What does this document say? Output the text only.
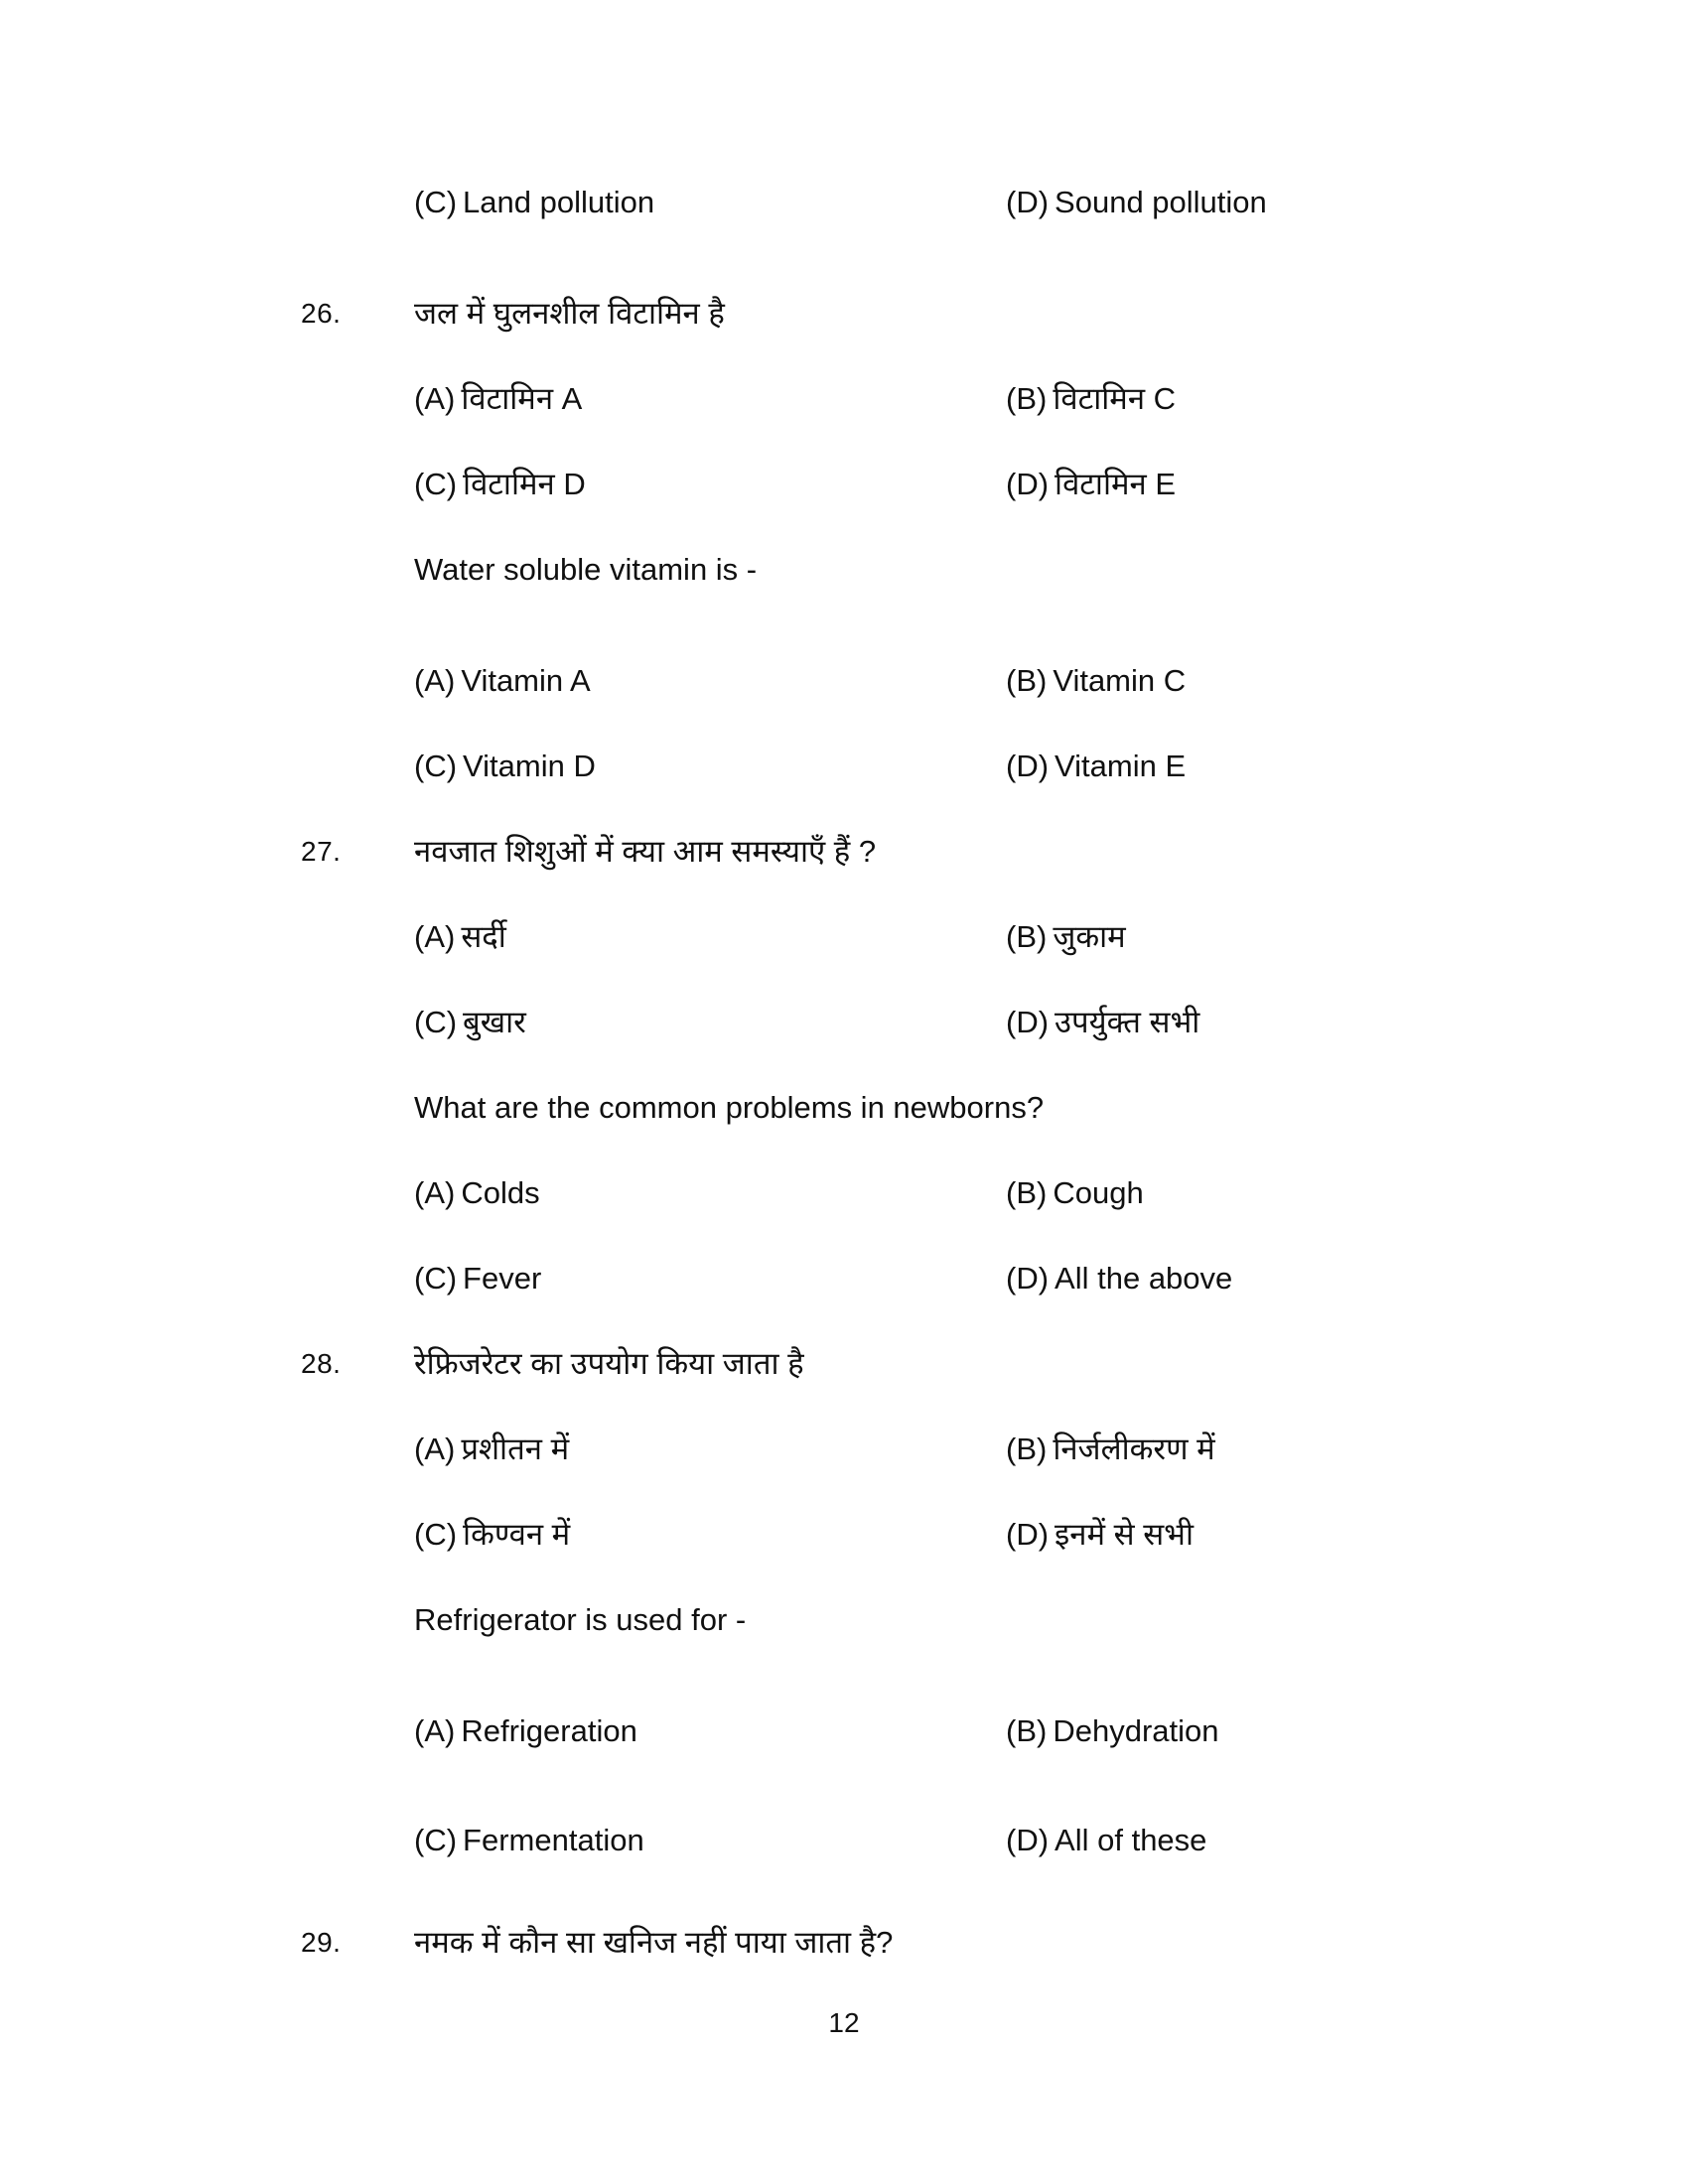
(C) Land pollution	(D) Sound pollution
26.	जल में घुलनशील विटामिन है
(A) विटामिन A	(B) विटामिन C
(C) विटामिन D	(D) विटामिन E
Water soluble vitamin is -
(A) Vitamin A	(B) Vitamin C
(C) Vitamin D	(D) Vitamin E
27.	नवजात शिशुओं में क्या आम समस्याएँ हैं ?
(A) सर्दी	(B) जुकाम
(C) बुखार	(D) उपर्युक्त सभी
What are the common problems in newborns?
(A) Colds	(B) Cough
(C) Fever	(D) All the above
28.	रेफ्रिजरेटर का उपयोग किया जाता है
(A) प्रशीतन में	(B) निर्जलीकरण में
(C) किण्वन में	(D) इनमें से सभी
Refrigerator is used for -
(A) Refrigeration	(B) Dehydration
(C) Fermentation	(D) All of these
29.	नमक में कौन सा खनिज नहीं पाया जाता है?
12
